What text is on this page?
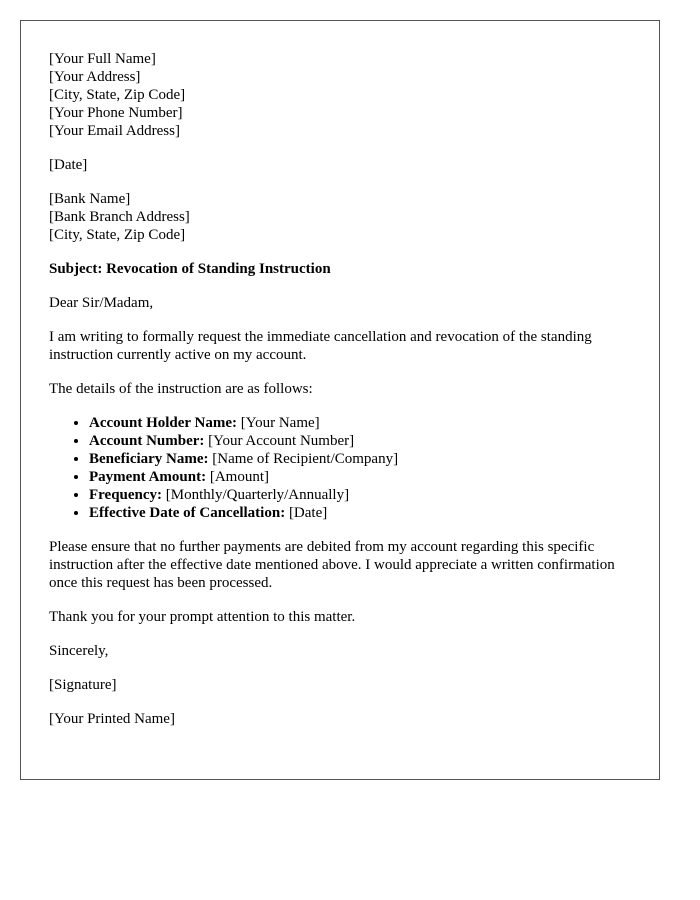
[Your Full Name]
[Your Address]
[City, State, Zip Code]
[Your Phone Number]
[Your Email Address]

[Date]

[Bank Name]
[Bank Branch Address]
[City, State, Zip Code]

Subject: Revocation of Standing Instruction

Dear Sir/Madam,

I am writing to formally request the immediate cancellation and revocation of the standing instruction currently active on my account.

The details of the instruction are as follows:

• Account Holder Name: [Your Name]
• Account Number: [Your Account Number]
• Beneficiary Name: [Name of Recipient/Company]
• Payment Amount: [Amount]
• Frequency: [Monthly/Quarterly/Annually]
• Effective Date of Cancellation: [Date]

Please ensure that no further payments are debited from my account regarding this specific instruction after the effective date mentioned above. I would appreciate a written confirmation once this request has been processed.

Thank you for your prompt attention to this matter.

Sincerely,

[Signature]

[Your Printed Name]
